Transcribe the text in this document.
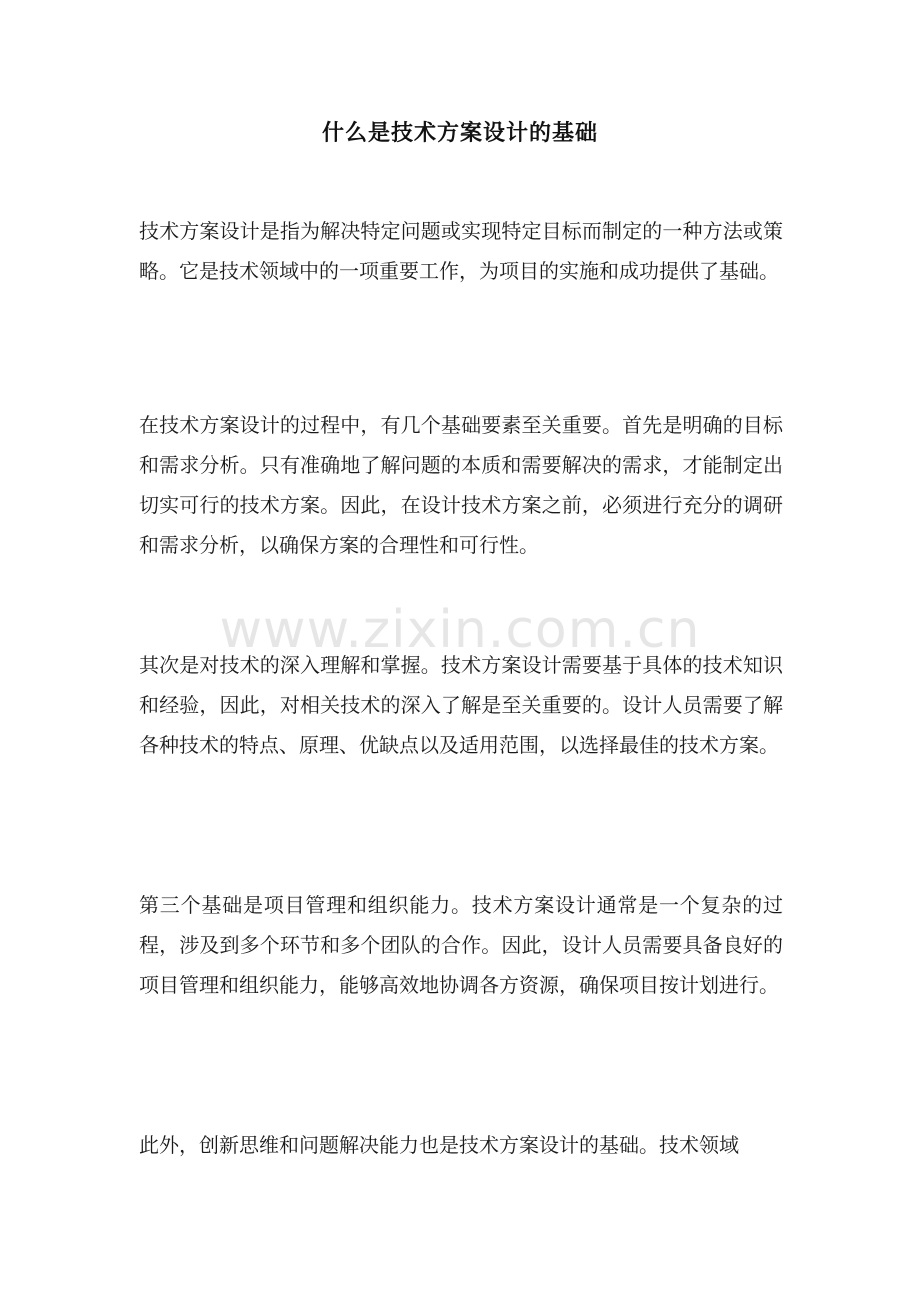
什么是技术方案设计的基础

技术方案设计是指为解决特定问题或实现特定目标而制定的一种方法或策略。它是技术领域中的一项重要工作，为项目的实施和成功提供了基础。

在技术方案设计的过程中，有几个基础要素至关重要。首先是明确的目标和需求分析。只有准确地了解问题的本质和需要解决的需求，才能制定出切实可行的技术方案。因此，在设计技术方案之前，必须进行充分的调研和需求分析，以确保方案的合理性和可行性。

其次是对技术的深入理解和掌握。技术方案设计需要基于具体的技术知识和经验，因此，对相关技术的深入了解是至关重要的。设计人员需要了解各种技术的特点、原理、优缺点以及适用范围，以选择最佳的技术方案。

第三个基础是项目管理和组织能力。技术方案设计通常是一个复杂的过程，涉及到多个环节和多个团队的合作。因此，设计人员需要具备良好的项目管理和组织能力，能够高效地协调各方资源，确保项目按计划进行。

此外，创新思维和问题解决能力也是技术方案设计的基础。技术领域

www.zixin.com.cn
